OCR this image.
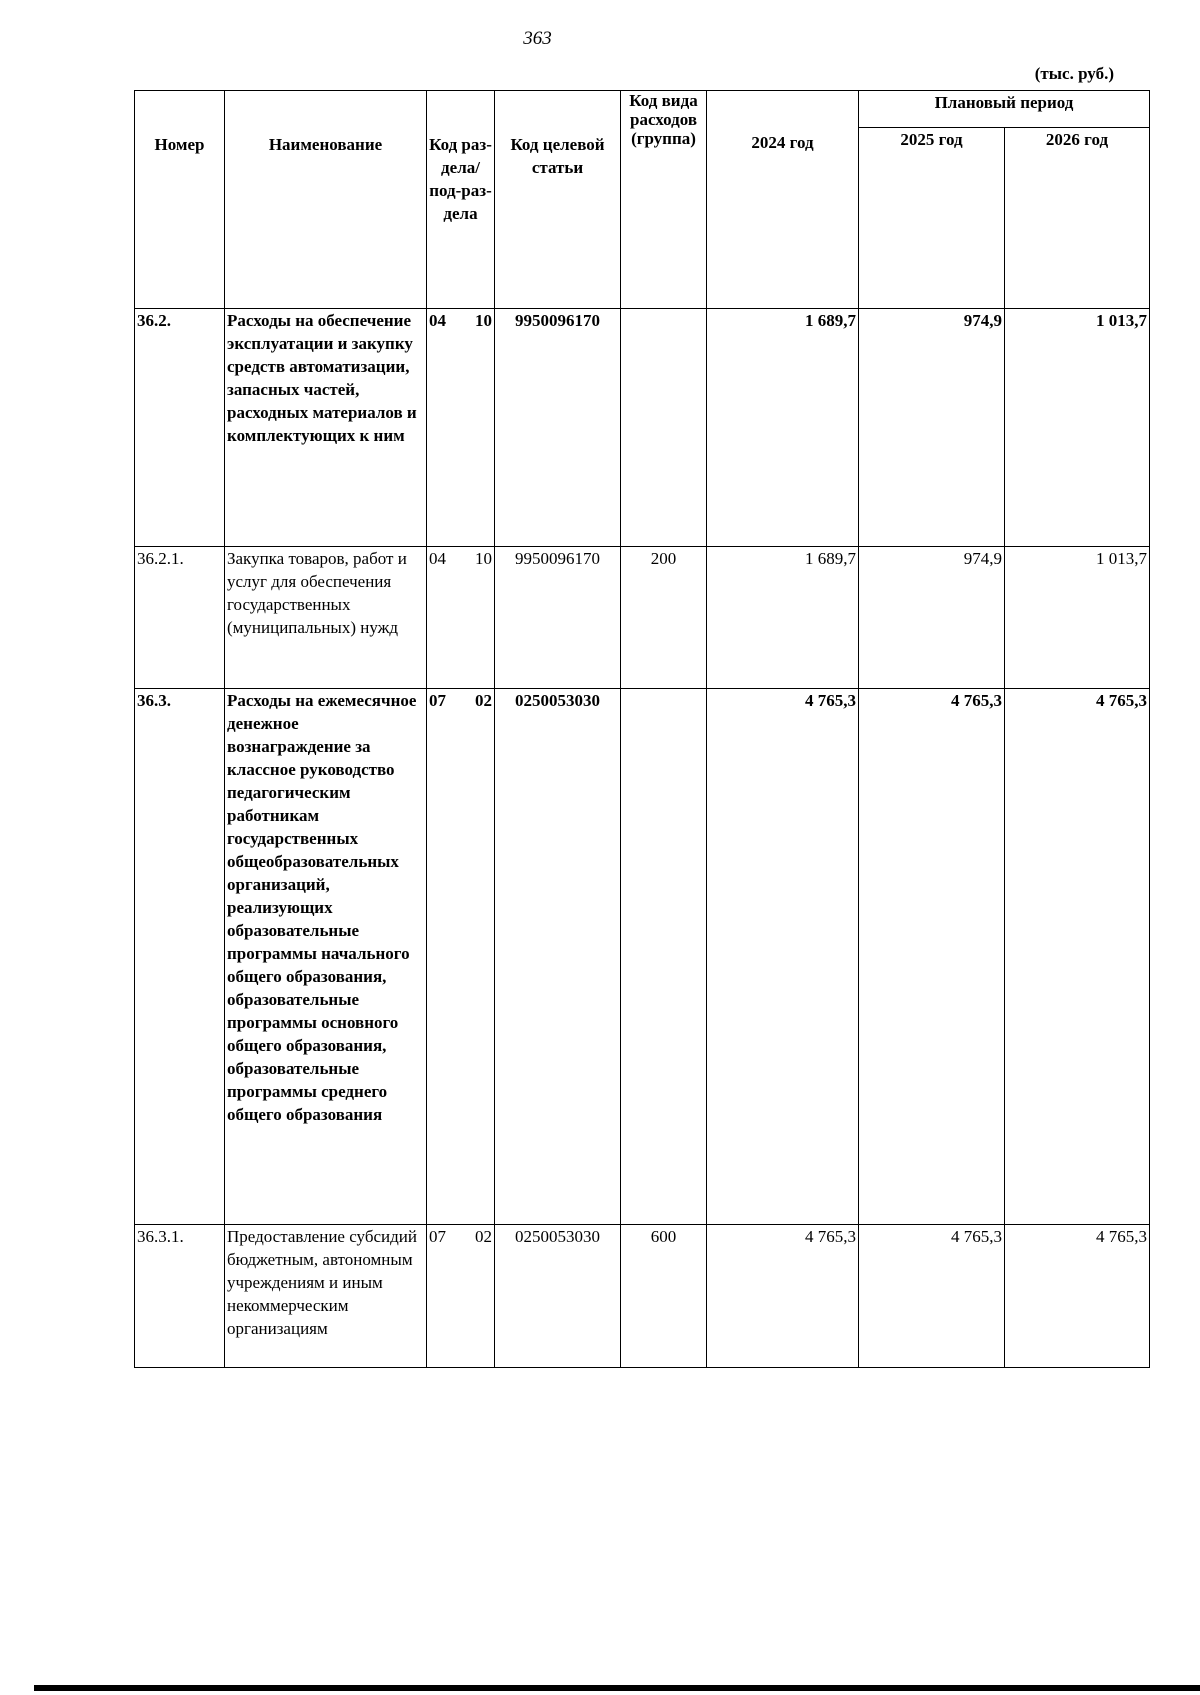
363
(тыс. руб.)
Номер	Наименование	Код раз-дела/ под-раз-дела	Код целевой статьи	Код вида расходов (группа)	2024 год	Плановый период	
						2025 год	2026 год
36.2.	Расходы на обеспечение эксплуатации и закупку средств автоматизации, запасных частей, расходных материалов и комплектующих к ним	04 10	9950096170		1 689,7	974,9	1 013,7
36.2.1.	Закупка товаров, работ и услуг для обеспечения государственных (муниципальных) нужд	04 10	9950096170	200	1 689,7	974,9	1 013,7
36.3.	Расходы на ежемесячное денежное вознаграждение за классное руководство педагогическим работникам государственных общеобразовательных организаций, реализующих образовательные программы начального общего образования, образовательные программы основного общего образования, образовательные программы среднего общего образования	07 02	0250053030		4 765,3	4 765,3	4 765,3
36.3.1.	Предоставление субсидий бюджетным, автономным учреждениям и иным некоммерческим организациям	07 02	0250053030	600	4 765,3	4 765,3	4 765,3
